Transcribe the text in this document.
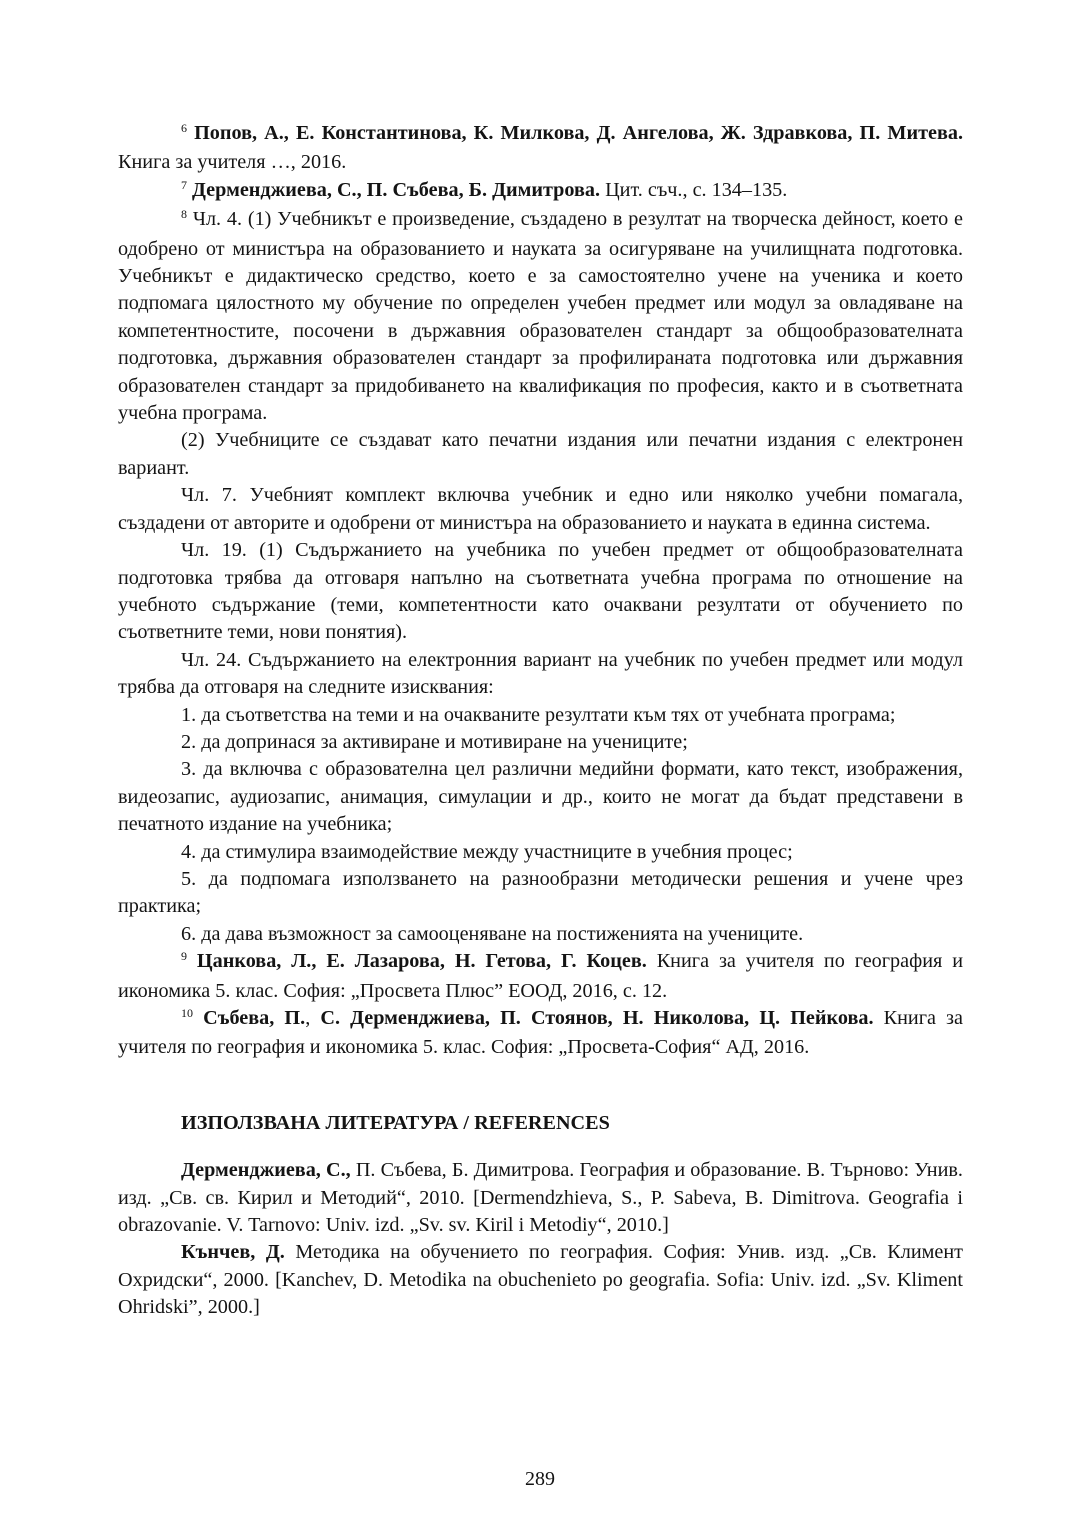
$^6$ Попов, А., Е. Константинова, К. Милкова, Д. Ангелова, Ж. Здравкова, П. Митева. Книга за учителя …, 2016.

$^7$ Дерменджиева, С., П. Събева, Б. Димитрова. Цит. съч., с. 134–135.

$^8$ Чл. 4. (1) Учебникът е произведение, създадено в резултат на творческа дейност, което е одобрено от министъра на образованието и науката за осигуряване на училищната подготовка. Учебникът е дидактическо средство, което е за самостоятелно учене на ученика и което подпомага цялостното му обучение по определен учебен предмет или модул за овладяване на компетентностите, посочени в държавния образователен стандарт за общообразователната подготовка, държавния образователен стандарт за профилираната подготовка или държавния образователен стандарт за придобиването на квалификация по професия, както и в съответната учебна програма.

(2) Учебниците се създават като печатни издания или печатни издания с електронен вариант.

Чл. 7. Учебният комплект включва учебник и едно или няколко учебни помагала, създадени от авторите и одобрени от министъра на образованието и науката в единна система.

Чл. 19. (1) Съдържанието на учебника по учебен предмет от общообразователната подготовка трябва да отговаря напълно на съответната учебна програма по отношение на учебното съдържание (теми, компетентности като очаквани резултати от обучението по съответните теми, нови понятия).

Чл. 24. Съдържанието на електронния вариант на учебник по учебен предмет или модул трябва да отговаря на следните изисквания:

1. да съответства на теми и на очакваните резултати към тях от учебната програма;

2. да допринася за активиране и мотивиране на учениците;

3. да включва с образователна цел различни медийни формати, като текст, изображения, видеозапис, аудиозапис, анимация, симулации и др., които не могат да бъдат представени в печатното издание на учебника;

4. да стимулира взаимодействие между участниците в учебния процес;

5. да подпомага използването на разнообразни методически решения и учене чрез практика;

6. да дава възможност за самооценяване на постиженията на учениците.

$^9$ Цанкова, Л., Е. Лазарова, Н. Гетова, Г. Коцев. Книга за учителя по география и икономика 5. клас. София: „Просвета Плюс” ЕООД, 2016, с. 12.

$^{10}$ Събева, П., С. Дерменджиева, П. Стоянов, Н. Николова, Ц. Пейкова. Книга за учителя по география и икономика 5. клас. София: „Просвета-София“ АД, 2016.

ИЗПОЛЗВАНА ЛИТЕРАТУРА / REFERENCES

Дерменджиева, С., П. Събева, Б. Димитрова. География и образование. В. Търново: Унив. изд. „Св. св. Кирил и Методий“, 2010. [Dermendzhieva, S., P. Sabeva, B. Dimitrova. Geografia i obrazovanie. V. Tarnovo: Univ. izd. „Sv. sv. Kiril i Metodiy“, 2010.]

Кънчев, Д. Методика на обучението по география. София: Унив. изд. „Св. Климент Охридски“, 2000. [Kanchev, D. Metodika na obuchenieto po geografia. Sofia: Univ. izd. „Sv. Kliment Ohridski”, 2000.]

289
